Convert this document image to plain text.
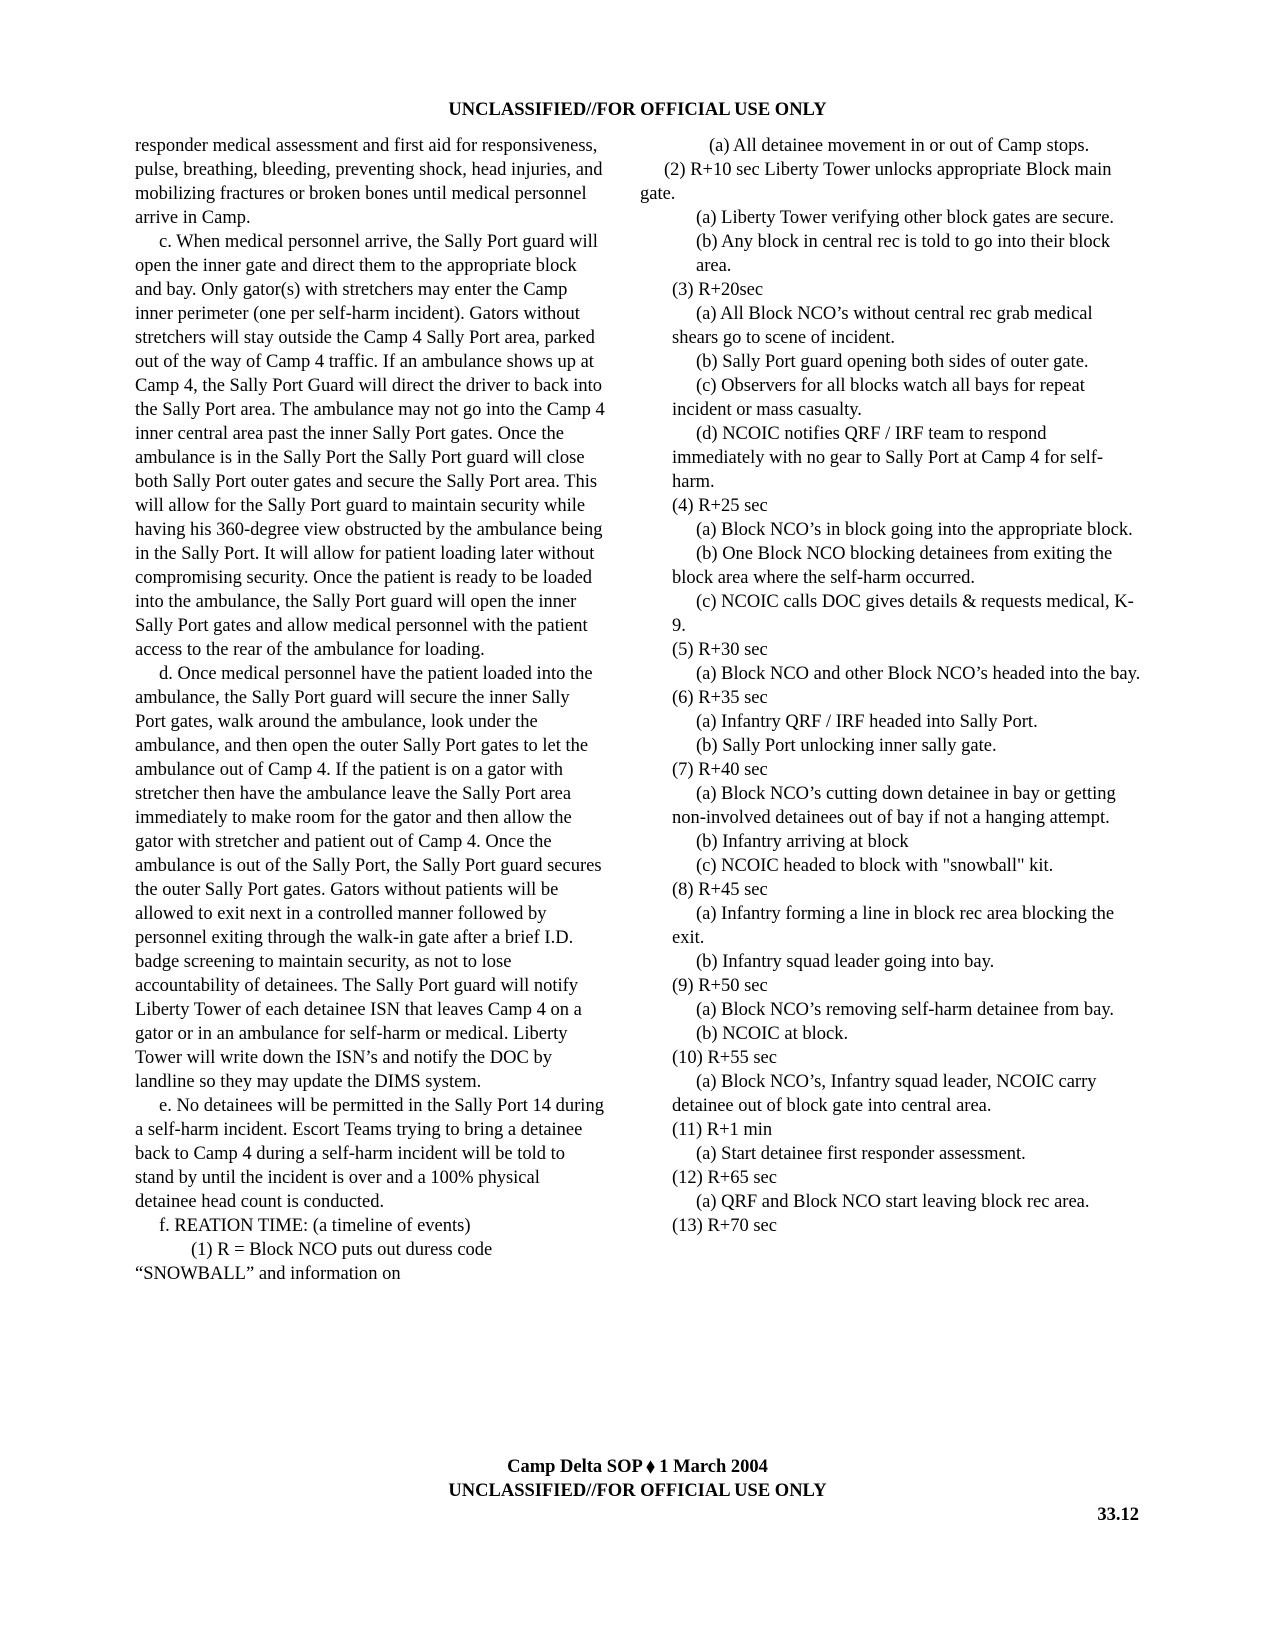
UNCLASSIFIED//FOR OFFICIAL USE ONLY

responder medical assessment and first aid for responsiveness, pulse, breathing, bleeding, preventing shock, head injuries, and mobilizing fractures or broken bones until medical personnel arrive in Camp.

c. When medical personnel arrive, the Sally Port guard will open the inner gate and direct them to the appropriate block and bay. Only gator(s) with stretchers may enter the Camp inner perimeter (one per self-harm incident). Gators without stretchers will stay outside the Camp 4 Sally Port area, parked out of the way of Camp 4 traffic. If an ambulance shows up at Camp 4, the Sally Port Guard will direct the driver to back into the Sally Port area. The ambulance may not go into the Camp 4 inner central area past the inner Sally Port gates. Once the ambulance is in the Sally Port the Sally Port guard will close both Sally Port outer gates and secure the Sally Port area. This will allow for the Sally Port guard to maintain security while having his 360-degree view obstructed by the ambulance being in the Sally Port. It will allow for patient loading later without compromising security. Once the patient is ready to be loaded into the ambulance, the Sally Port guard will open the inner Sally Port gates and allow medical personnel with the patient access to the rear of the ambulance for loading.

d. Once medical personnel have the patient loaded into the ambulance, the Sally Port guard will secure the inner Sally Port gates, walk around the ambulance, look under the ambulance, and then open the outer Sally Port gates to let the ambulance out of Camp 4. If the patient is on a gator with stretcher then have the ambulance leave the Sally Port area immediately to make room for the gator and then allow the gator with stretcher and patient out of Camp 4. Once the ambulance is out of the Sally Port, the Sally Port guard secures the outer Sally Port gates. Gators without patients will be allowed to exit next in a controlled manner followed by personnel exiting through the walk-in gate after a brief I.D. badge screening to maintain security, as not to lose accountability of detainees. The Sally Port guard will notify Liberty Tower of each detainee ISN that leaves Camp 4 on a gator or in an ambulance for self-harm or medical. Liberty Tower will write down the ISN’s and notify the DOC by landline so they may update the DIMS system.

e. No detainees will be permitted in the Sally Port 14 during a self-harm incident. Escort Teams trying to bring a detainee back to Camp 4 during a self-harm incident will be told to stand by until the incident is over and a 100% physical detainee head count is conducted.

f. REATION TIME: (a timeline of events)

(1) R = Block NCO puts out duress code “SNOWBALL” and information on

(a) All detainee movement in or out of Camp stops.

(2) R+10 sec Liberty Tower unlocks appropriate Block main gate.

(a) Liberty Tower verifying other block gates are secure.

(b) Any block in central rec is told to go into their block area.

(3) R+20sec

(a) All Block NCO’s without central rec grab medical shears go to scene of incident.

(b) Sally Port guard opening both sides of outer gate.

(c) Observers for all blocks watch all bays for repeat incident or mass casualty.

(d) NCOIC notifies QRF / IRF team to respond immediately with no gear to Sally Port at Camp 4 for self-harm.

(4) R+25 sec

(a) Block NCO’s in block going into the appropriate block.

(b) One Block NCO blocking detainees from exiting the block area where the self-harm occurred.

(c) NCOIC calls DOC gives details & requests medical, K-9.

(5) R+30 sec

(a) Block NCO and other Block NCO’s headed into the bay.

(6) R+35 sec

(a) Infantry QRF / IRF headed into Sally Port.

(b) Sally Port unlocking inner sally gate.

(7) R+40 sec

(a) Block NCO’s cutting down detainee in bay or getting non-involved detainees out of bay if not a hanging attempt.

(b) Infantry arriving at block

(c) NCOIC headed to block with "snowball" kit.

(8) R+45 sec

(a) Infantry forming a line in block rec area blocking the exit.

(b) Infantry squad leader going into bay.

(9) R+50 sec

(a) Block NCO’s removing self-harm detainee from bay.

(b) NCOIC at block.

(10) R+55 sec

(a) Block NCO’s, Infantry squad leader, NCOIC carry detainee out of block gate into central area.

(11) R+1 min

(a) Start detainee first responder assessment.

(12) R+65 sec

(a) QRF and Block NCO start leaving block rec area.

(13) R+70 sec

Camp Delta SOP ⬧ 1 March 2004

UNCLASSIFIED//FOR OFFICIAL USE ONLY

33.12
